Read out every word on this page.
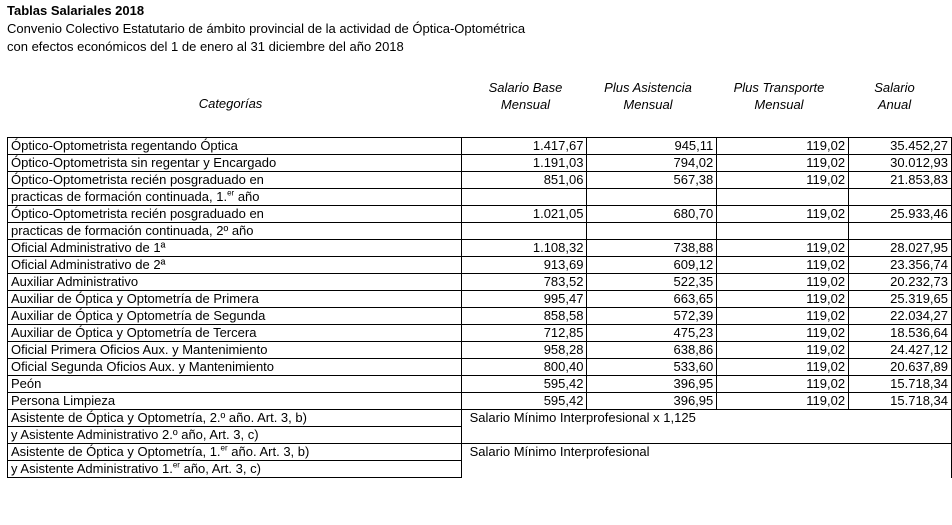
Tablas Salariales 2018
Convenio Colectivo Estatutario de ámbito provincial de la actividad de Óptica-Optométrica
con efectos económicos del 1 de enero al 31 diciembre del año 2018
Categorías
Salario Base
Mensual
Plus Asistencia
Mensual
Plus Transporte
Mensual
Salario
Anual
Óptico-Optometrista regentando Óptica	1.417,67	945,11	119,02	35.452,27
Óptico-Optometrista sin regentar y Encargado	1.191,03	794,02	119,02	30.012,93
Óptico-Optometrista recién posgraduado en	851,06	567,38	119,02	21.853,83
practicas de formación continuada, 1.$^{er}$ año				
Óptico-Optometrista recién posgraduado en	1.021,05	680,70	119,02	25.933,46
practicas de formación continuada, 2º año				
Oficial Administrativo de 1ª	1.108,32	738,88	119,02	28.027,95
Oficial Administrativo de 2ª	913,69	609,12	119,02	23.356,74
Auxiliar Administrativo	783,52	522,35	119,02	20.232,73
Auxiliar de Óptica y Optometría de Primera	995,47	663,65	119,02	25.319,65
Auxiliar de Óptica y Optometría de Segunda	858,58	572,39	119,02	22.034,27
Auxiliar de Óptica y Optometría de Tercera	712,85	475,23	119,02	18.536,64
Oficial Primera Oficios Aux. y Mantenimiento	958,28	638,86	119,02	24.427,12
Oficial Segunda Oficios Aux. y Mantenimiento	800,40	533,60	119,02	20.637,89
Peón	595,42	396,95	119,02	15.718,34
Persona Limpieza	595,42	396,95	119,02	15.718,34
Asistente de Óptica y Optometría, 2.º año. Art. 3, b)	Salario Mínimo Interprofesional x 1,125			
y Asistente Administrativo 2.º año, Art. 3, c)				
Asistente de Óptica y Optometría, 1.$^{er}$ año. Art. 3, b)	Salario Mínimo Interprofesional			
y Asistente Administrativo 1.$^{er}$ año, Art. 3, c)				
